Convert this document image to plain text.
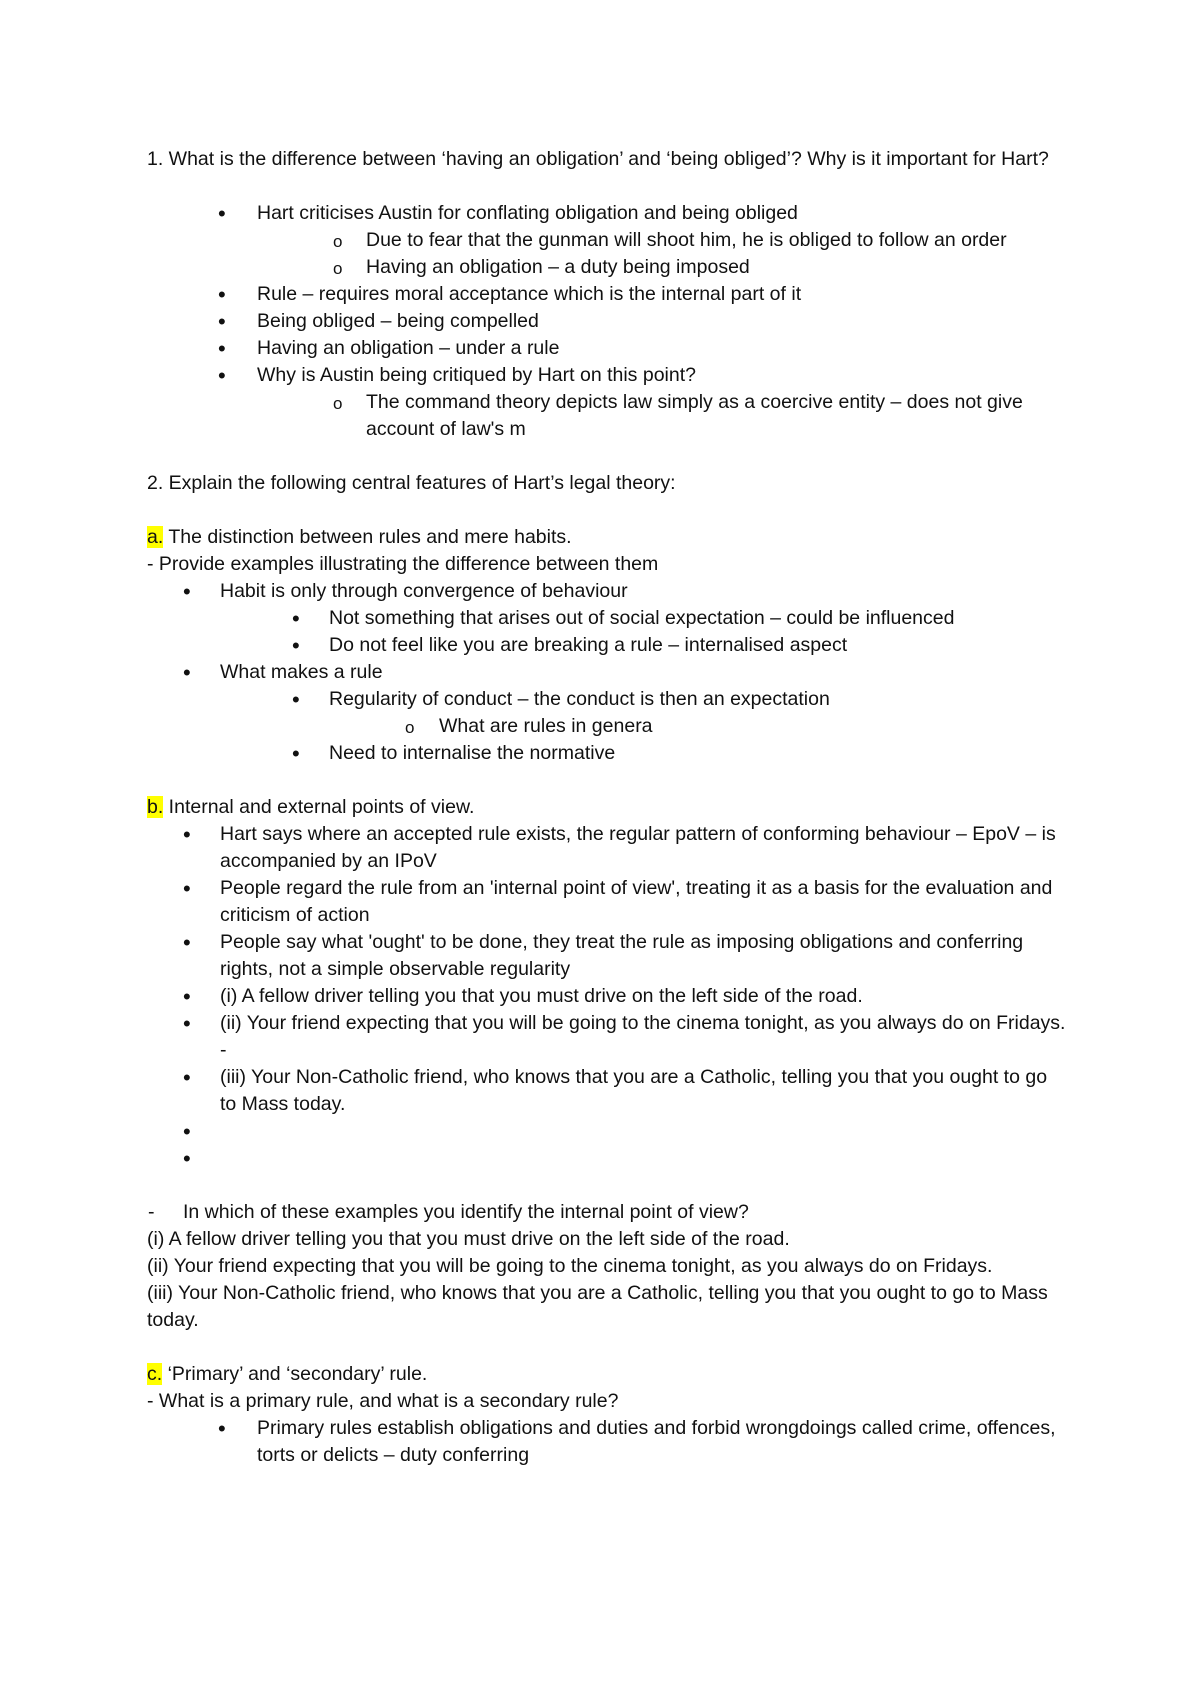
1. What is the difference between ‘having an obligation’ and ‘being obliged’? Why is it important for Hart?

• Hart criticises Austin for conflating obligation and being obliged
o Due to fear that the gunman will shoot him, he is obliged to follow an order
o Having an obligation – a duty being imposed
• Rule – requires moral acceptance which is the internal part of it
• Being obliged – being compelled
• Having an obligation – under a rule
• Why is Austin being critiqued by Hart on this point?
o The command theory depicts law simply as a coercive entity – does not give account of law's m

2. Explain the following central features of Hart’s legal theory:

a. The distinction between rules and mere habits.

- Provide examples illustrating the difference between them

• Habit is only through convergence of behaviour
• Not something that arises out of social expectation – could be influenced
• Do not feel like you are breaking a rule – internalised aspect
• What makes a rule
• Regularity of conduct – the conduct is then an expectation
o What are rules in genera
• Need to internalise the normative

b. Internal and external points of view.

• Hart says where an accepted rule exists, the regular pattern of conforming behaviour – EpoV – is accompanied by an IPoV
• People regard the rule from an 'internal point of view', treating it as a basis for the evaluation and criticism of action
• People say what 'ought' to be done, they treat the rule as imposing obligations and conferring rights, not a simple observable regularity
• (i) A fellow driver telling you that you must drive on the left side of the road.
• (ii) Your friend expecting that you will be going to the cinema tonight, as you always do on Fridays. -
• (iii) Your Non-Catholic friend, who knows that you are a Catholic, telling you that you ought to go to Mass today.
•
•

- In which of these examples you identify the internal point of view?

(i) A fellow driver telling you that you must drive on the left side of the road.

(ii) Your friend expecting that you will be going to the cinema tonight, as you always do on Fridays.

(iii) Your Non-Catholic friend, who knows that you are a Catholic, telling you that you ought to go to Mass today.

c. ‘Primary’ and ‘secondary’ rule.

- What is a primary rule, and what is a secondary rule?

• Primary rules establish obligations and duties and forbid wrongdoings called crime, offences, torts or delicts – duty conferring
